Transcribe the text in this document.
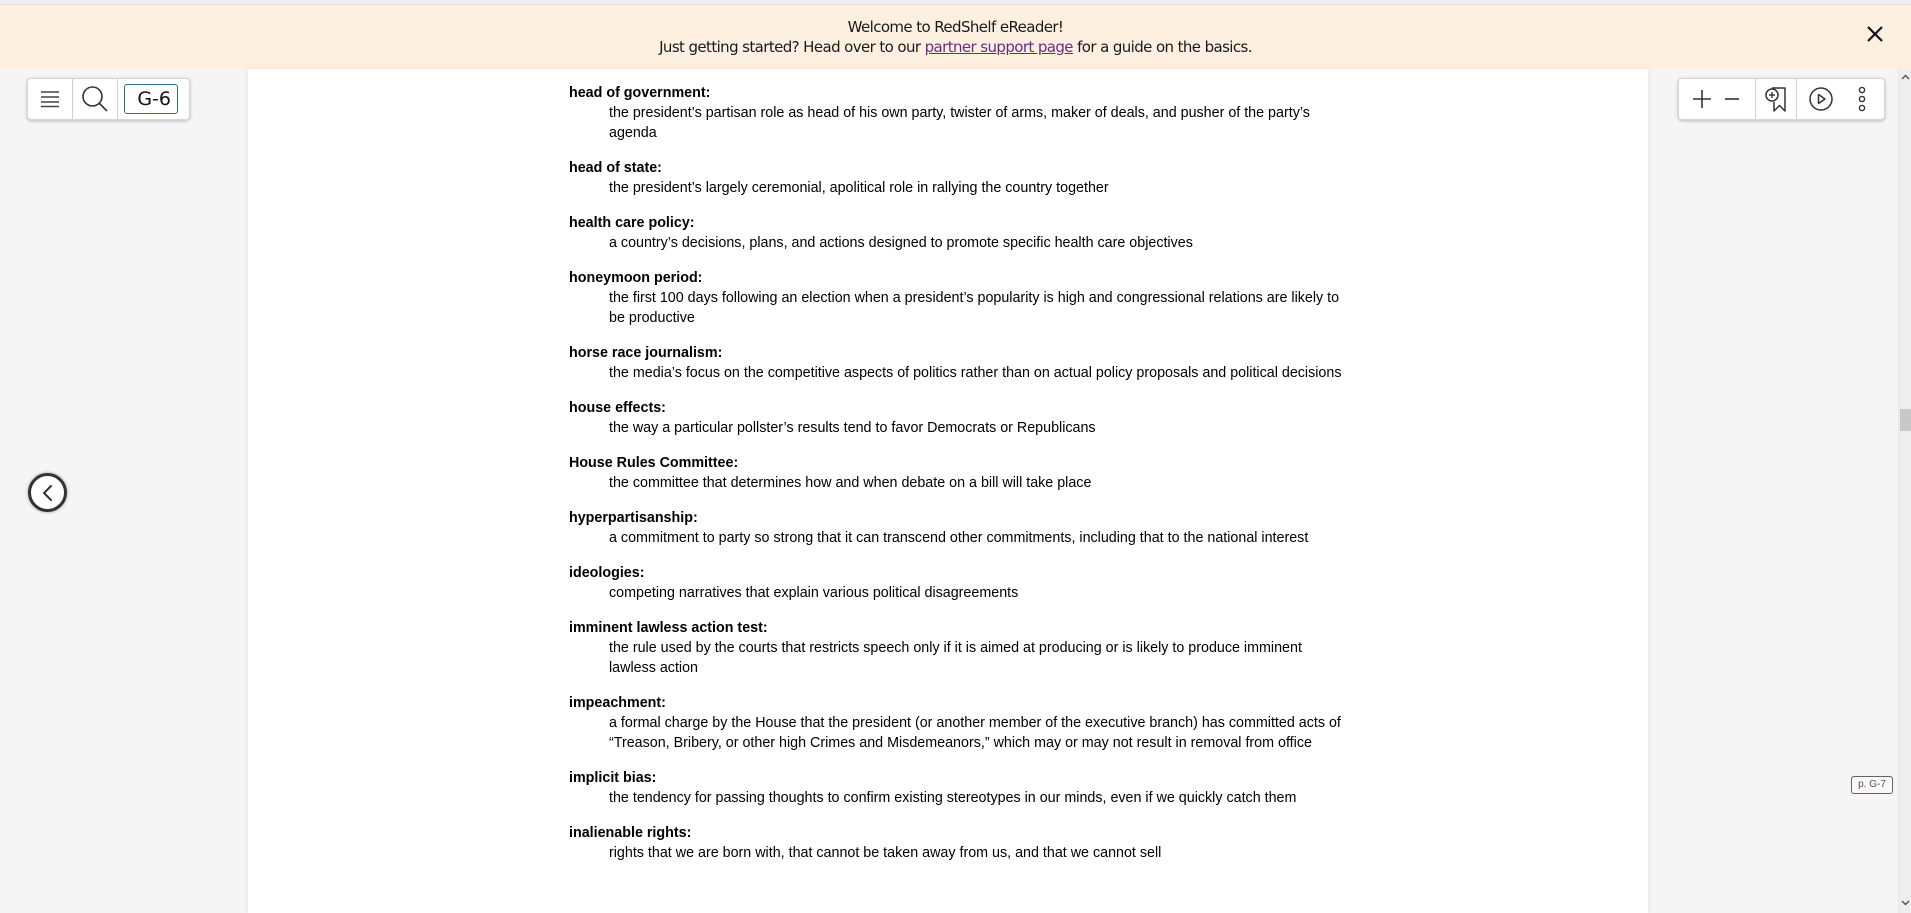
Welcome to RedShelf eReader!
Just getting started? Head over to our partner support page for a guide on the basics.
head of government:
the president’s partisan role as head of his own party, twister of arms, maker of deals, and pusher of the party’s agenda
head of state:
the president’s largely ceremonial, apolitical role in rallying the country together
health care policy:
a country’s decisions, plans, and actions designed to promote specific health care objectives
honeymoon period:
the first 100 days following an election when a president’s popularity is high and congressional relations are likely to be productive
horse race journalism:
the media’s focus on the competitive aspects of politics rather than on actual policy proposals and political decisions
house effects:
the way a particular pollster’s results tend to favor Democrats or Republicans
House Rules Committee:
the committee that determines how and when debate on a bill will take place
hyperpartisanship:
a commitment to party so strong that it can transcend other commitments, including that to the national interest
ideologies:
competing narratives that explain various political disagreements
imminent lawless action test:
the rule used by the courts that restricts speech only if it is aimed at producing or is likely to produce imminent lawless action
impeachment:
a formal charge by the House that the president (or another member of the executive branch) has committed acts of “Treason, Bribery, or other high Crimes and Misdemeanors,” which may or may not result in removal from office
implicit bias:
the tendency for passing thoughts to confirm existing stereotypes in our minds, even if we quickly catch them
inalienable rights:
rights that we are born with, that cannot be taken away from us, and that we cannot sell
G-6
p. G-7
